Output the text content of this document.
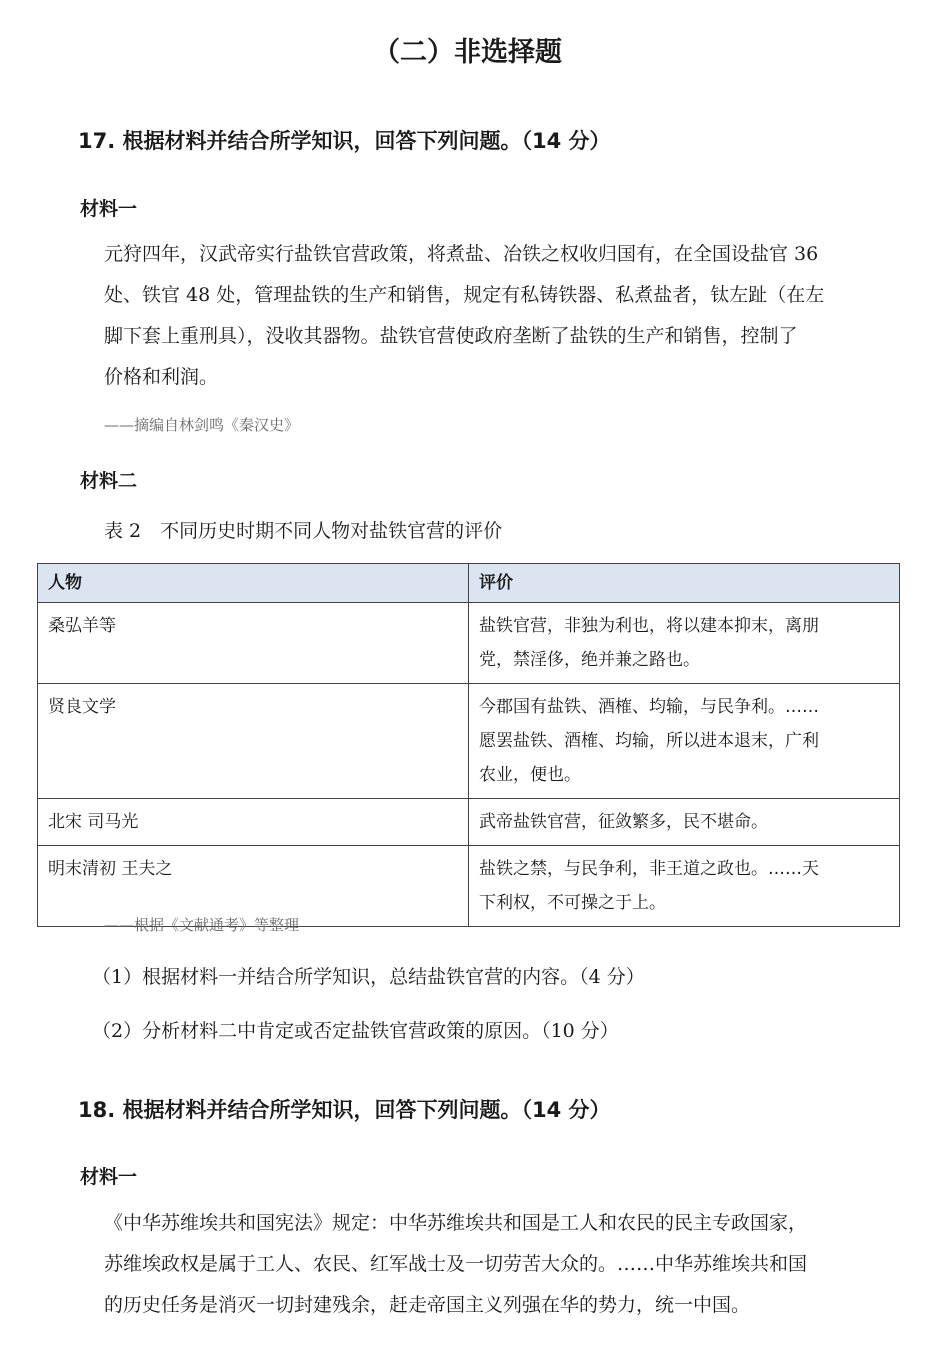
（二）非选择题
17. 根据材料并结合所学知识，回答下列问题。（14 分）
材料一
元狩四年，汉武帝实行盐铁官营政策，将煮盐、冶铁之权收归国有，在全国设盐官 36
处、铁官 48 处，管理盐铁的生产和销售，规定有私铸铁器、私煮盐者，钛左趾（在左
脚下套上重刑具），没收其器物。盐铁官营使政府垄断了盐铁的生产和销售，控制了
价格和利润。
——摘编自林剑鸣《秦汉史》
材料二
表 2　不同历史时期不同人物对盐铁官营的评价
人物	评价
桑弘羊等	盐铁官营，非独为利也，将以建本抑末，离朋
党，禁淫侈，绝并兼之路也。

贤良文学	今郡国有盐铁、酒榷、均输，与民争利。……
愿罢盐铁、酒榷、均输，所以进本退末，广利
农业，便也。

北宋 司马光	武帝盐铁官营，征敛繁多，民不堪命。

明末清初 王夫之	盐铁之禁，与民争利，非王道之政也。……天
下利权，不可操之于上。
——根据《文献通考》等整理
（1）根据材料一并结合所学知识，总结盐铁官营的内容。（4 分）
（2）分析材料二中肯定或否定盐铁官营政策的原因。（10 分）
18. 根据材料并结合所学知识，回答下列问题。（14 分）
材料一
《中华苏维埃共和国宪法》规定：中华苏维埃共和国是工人和农民的民主专政国家，
苏维埃政权是属于工人、农民、红军战士及一切劳苦大众的。……中华苏维埃共和国
的历史任务是消灭一切封建残余，赶走帝国主义列强在华的势力，统一中国。
